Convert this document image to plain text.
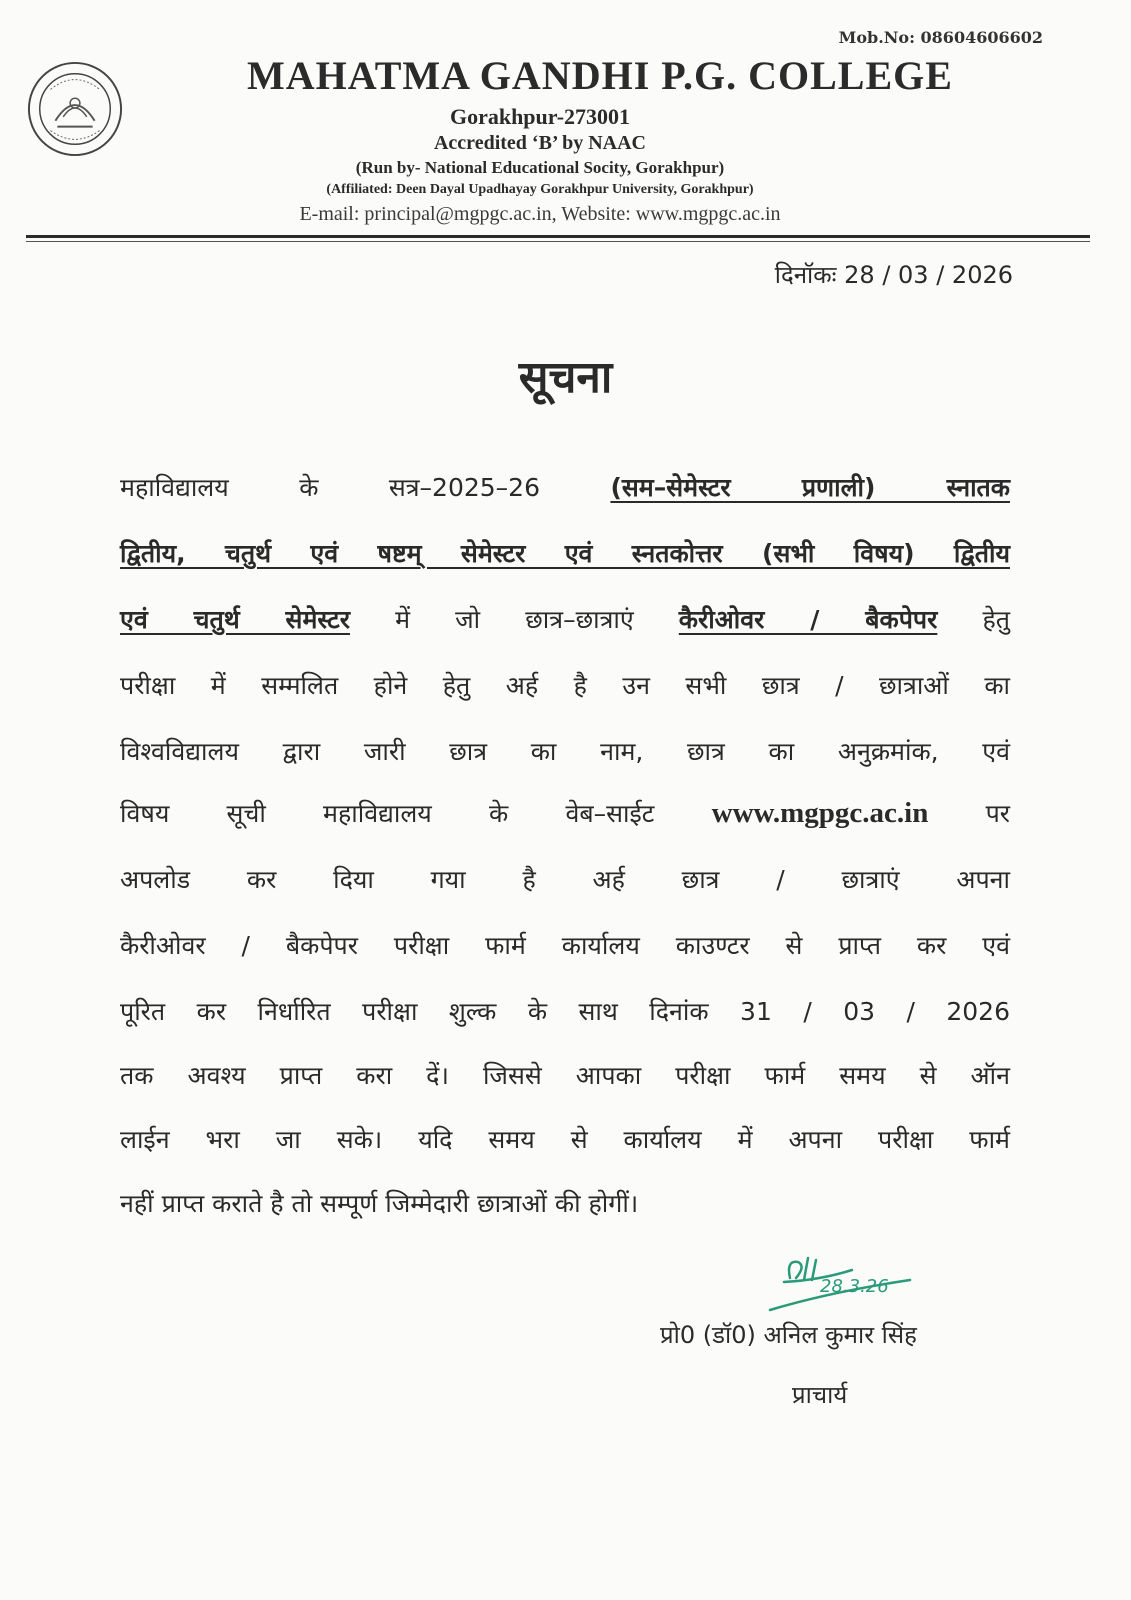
Mob.No: 08604606602
MAHATMA GANDHI P.G. COLLEGE
Gorakhpur-273001
Accredited ‘B’ by NAAC
(Run by- National Educational Socity, Gorakhpur)
(Affiliated: Deen Dayal Upadhayay Gorakhpur University, Gorakhpur)
E-mail: principal@mgpgc.ac.in, Website: www.mgpgc.ac.in
दिनॉकः 28 / 03 / 2026
सूचना
महाविद्यालय के सत्र–2025–26 (सम–सेमेस्टर प्रणाली) स्नातक
द्वितीय, चतुर्थ एवं षष्टम् सेमेस्टर एवं स्नतकोत्तर (सभी विषय) द्वितीय
एवं चतुर्थ सेमेस्टर में जो छात्र–छात्राएं कैरीओवर / बैकपेपर हेतु
परीक्षा में सम्मलित होने हेतु अर्ह है उन सभी छात्र / छात्राओं का
विश्वविद्यालय द्वारा जारी छात्र का नाम, छात्र का अनुक्रमांक, एवं
विषय सूची महाविद्यालय के वेब–साईट www.mgpgc.ac.in पर
अपलोड कर दिया गया है अर्ह छात्र / छात्राएं अपना
कैरीओवर / बैकपेपर परीक्षा फार्म कार्यालय काउण्टर से प्राप्त कर एवं
पूरित कर निर्धारित परीक्षा शुल्क के साथ दिनांक 31 / 03 / 2026
तक अवश्य प्राप्त करा दें। जिससे आपका परीक्षा फार्म समय से ऑन
लाईन भरा जा सके। यदि समय से कार्यालय में अपना परीक्षा फार्म
नहीं प्राप्त कराते है तो सम्पूर्ण जिम्मेदारी छात्राओं की होगीं।
28.3.26
प्रो0 (डॉ0) अनिल कुमार सिंह
प्राचार्य
